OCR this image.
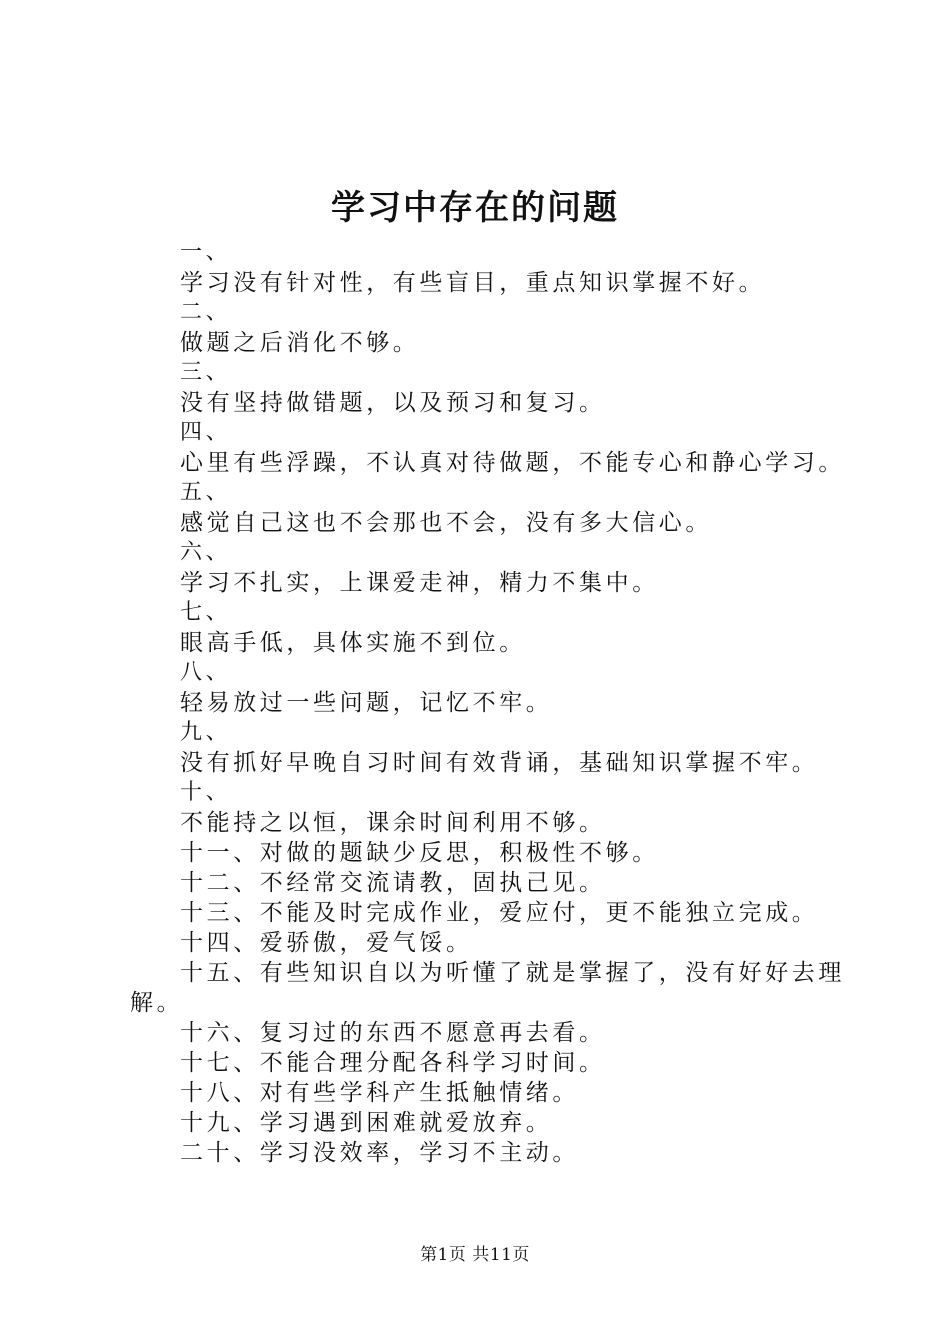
学习中存在的问题
一、
学习没有针对性，有些盲目，重点知识掌握不好。
二、
做题之后消化不够。
三、
没有坚持做错题，以及预习和复习。
四、
心里有些浮躁，不认真对待做题，不能专心和静心学习。
五、
感觉自己这也不会那也不会，没有多大信心。
六、
学习不扎实，上课爱走神，精力不集中。
七、
眼高手低，具体实施不到位。
八、
轻易放过一些问题，记忆不牢。
九、
没有抓好早晚自习时间有效背诵，基础知识掌握不牢。
十、
不能持之以恒，课余时间利用不够。
十一、对做的题缺少反思，积极性不够。
十二、不经常交流请教，固执己见。
十三、不能及时完成作业，爱应付，更不能独立完成。
十四、爱骄傲，爱气馁。
十五、有些知识自以为听懂了就是掌握了，没有好好去理
解。
十六、复习过的东西不愿意再去看。
十七、不能合理分配各科学习时间。
十八、对有些学科产生抵触情绪。
十九、学习遇到困难就爱放弃。
二十、学习没效率，学习不主动。
第1页 共11页
